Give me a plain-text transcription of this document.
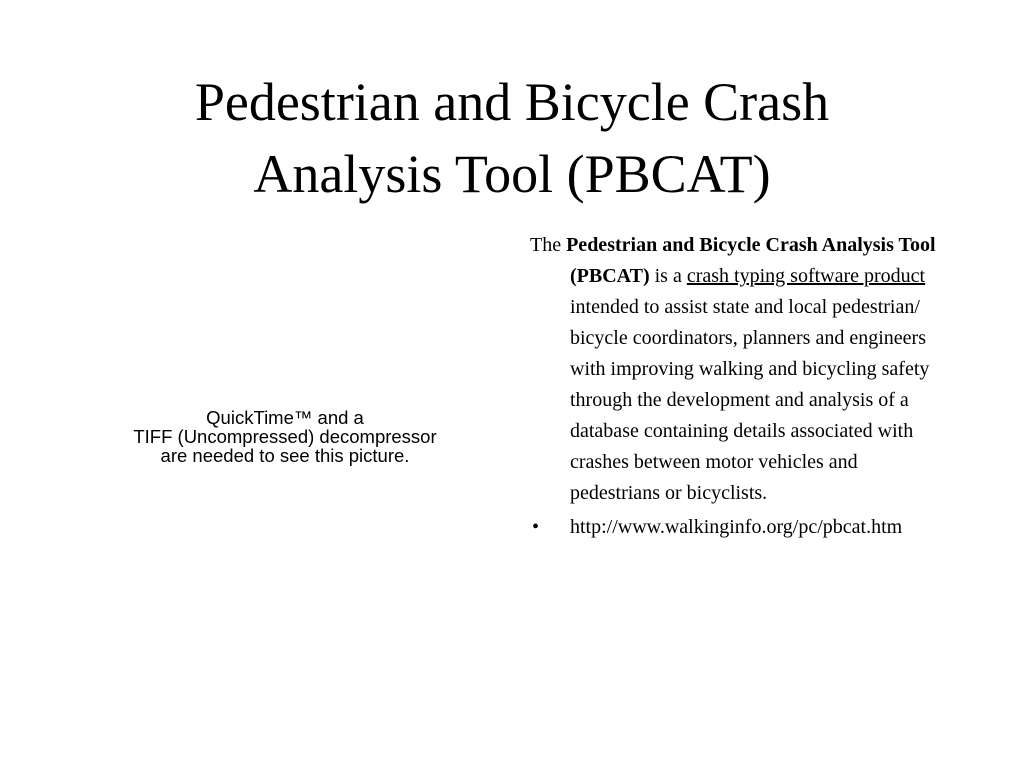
Pedestrian and Bicycle Crash
Analysis Tool (PBCAT)
QuickTime™ and a
TIFF (Uncompressed) decompressor
are needed to see this picture.

The Pedestrian and Bicycle Crash Analysis Tool (PBCAT) is a crash typing software product intended to assist state and local pedestrian/ bicycle coordinators, planners and engineers with improving walking and bicycling safety through the development and analysis of a database containing details associated with crashes between motor vehicles and pedestrians or bicyclists.

• http://www.walkinginfo.org/pc/pbcat.htm
